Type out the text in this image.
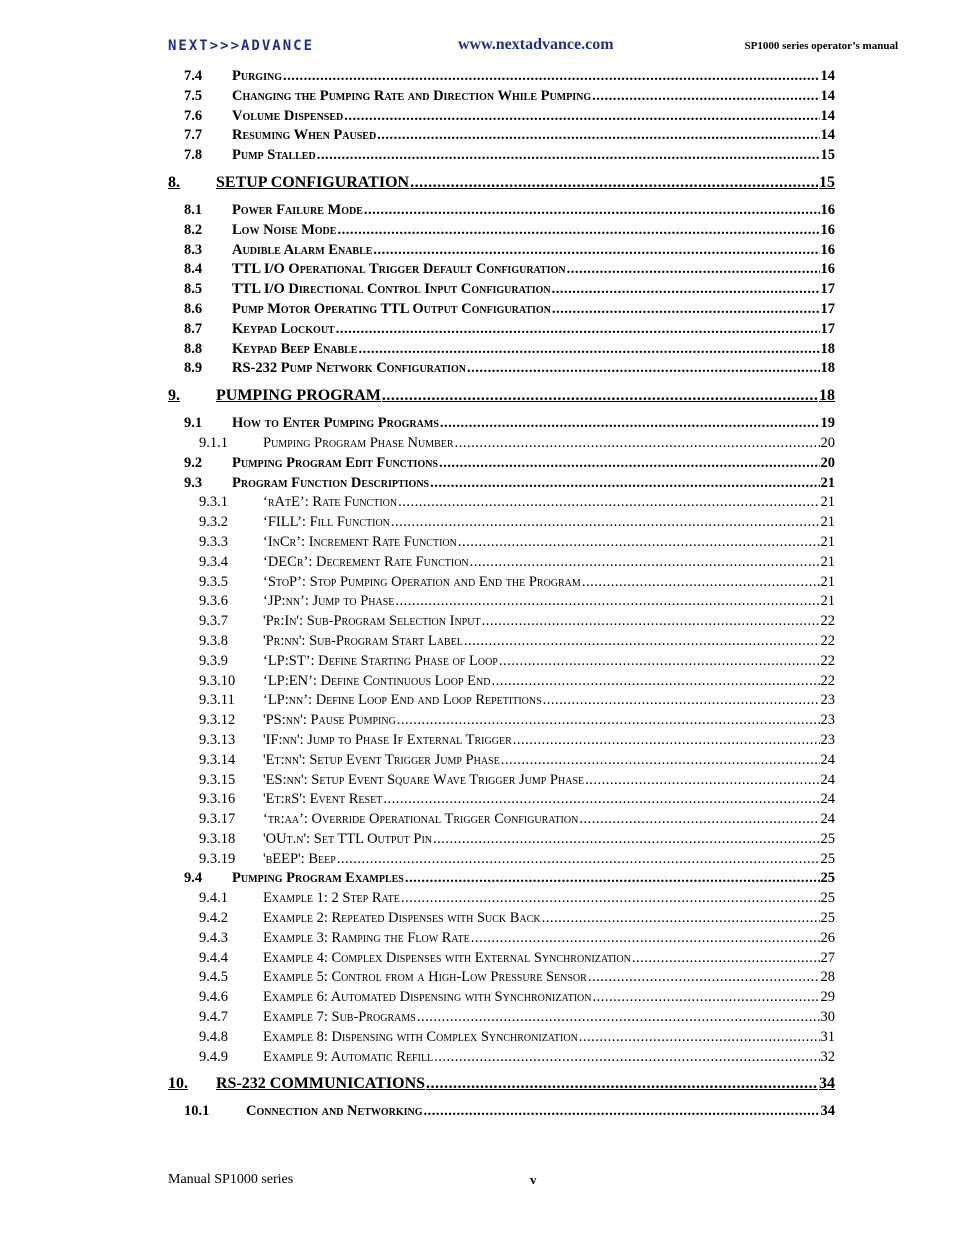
NEXT>>>ADVANCE	www.nextadvance.com	SP1000 series operator’s manual
7.4	Purging .....	14
7.5	Changing the Pumping Rate and Direction While Pumping .....	14
7.6	Volume Dispensed .....	14
7.7	Resuming When Paused .....	14
7.8	Pump Stalled .....	15
8.	SETUP CONFIGURATION .....	15
8.1	Power Failure Mode .....	16
8.2	Low Noise Mode .....	16
8.3	Audible Alarm Enable .....	16
8.4	TTL I/O Operational Trigger Default Configuration .....	16
8.5	TTL I/O Directional Control Input Configuration .....	17
8.6	Pump Motor Operating TTL Output Configuration .....	17
8.7	Keypad Lockout .....	17
8.8	Keypad Beep Enable .....	18
8.9	RS-232 Pump Network Configuration .....	18
9.	PUMPING PROGRAM .....	18
9.1	How to Enter Pumping Programs .....	19
9.1.1	Pumping Program Phase Number .....	20
9.2	Pumping Program Edit Functions .....	20
9.3	Program Function Descriptions .....	21
9.3.1	‘rAtE’: Rate Function .....	21
9.3.2	‘FILL’: Fill Function .....	21
9.3.3	‘InCr’: Increment Rate Function .....	21
9.3.4	‘DECr’: Decrement Rate Function .....	21
9.3.5	‘StoP’: Stop Pumping Operation and End the Program .....	21
9.3.6	‘JP:nn’: Jump to Phase .....	21
9.3.7	'Pr:In': Sub-Program Selection Input .....	22
9.3.8	'Pr:nn': Sub-Program Start Label .....	22
9.3.9	‘LP:ST’: Define Starting Phase of Loop .....	22
9.3.10	‘LP:EN’: Define Continuous Loop End .....	22
9.3.11	‘LP:nn’: Define Loop End and Loop Repetitions .....	23
9.3.12	'PS:nn': Pause Pumping .....	23
9.3.13	'IF:nn': Jump to Phase If External Trigger .....	23
9.3.14	'Et:nn': Setup Event Trigger Jump Phase .....	24
9.3.15	'ES:nn': Setup Event Square Wave Trigger Jump Phase .....	24
9.3.16	'Et:rS': Event Reset .....	24
9.3.17	‘tr:aa’: Override Operational Trigger Configuration .....	24
9.3.18	'OUt.n': Set TTL Output Pin .....	25
9.3.19	'bEEP': Beep .....	25
9.4	Pumping Program Examples .....	25
9.4.1	Example 1: 2 Step Rate .....	25
9.4.2	Example 2: Repeated Dispenses with Suck Back .....	25
9.4.3	Example 3: Ramping the Flow Rate .....	26
9.4.4	Example 4: Complex Dispenses with External Synchronization .....	27
9.4.5	Example 5: Control from a High-Low Pressure Sensor .....	28
9.4.6	Example 6: Automated Dispensing with Synchronization .....	29
9.4.7	Example 7: Sub-Programs .....	30
9.4.8	Example 8: Dispensing with Complex Synchronization .....	31
9.4.9	Example 9: Automatic Refill .....	32
10.	RS-232 COMMUNICATIONS .....	34
10.1	Connection and Networking .....	34
Manual SP1000 series	v
